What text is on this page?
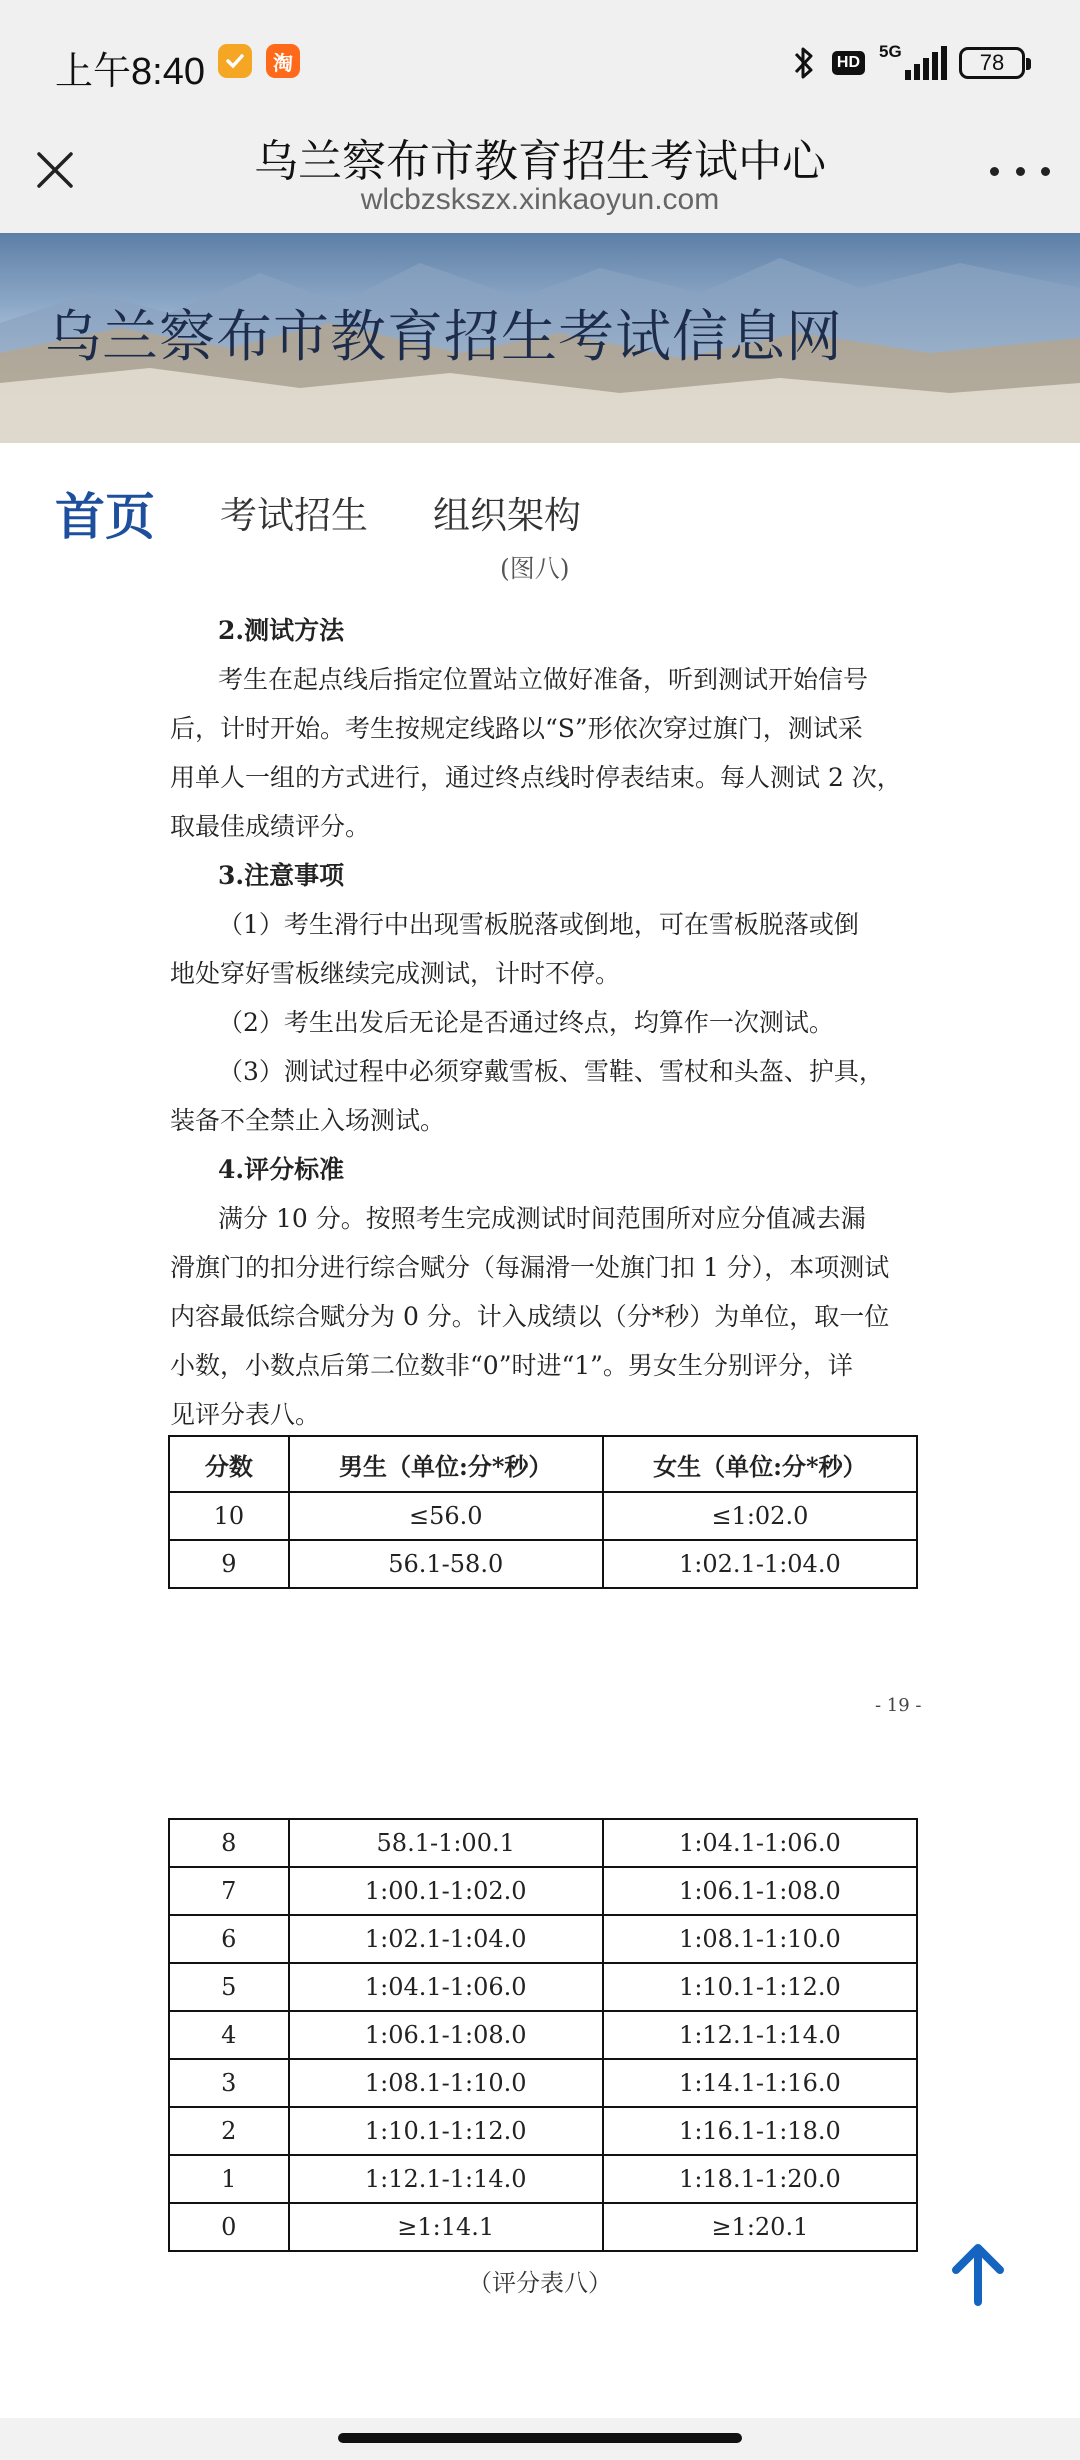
上午8:40	淘	HD
5G	78
乌兰察布市教育招生考试中心
wlcbzskszx.xinkaoyun.com
乌兰察布市教育招生考试信息网
首页 考试招生 组织架构
(图八)
2.测试方法
考生在起点线后指定位置站立做好准备，听到测试开始信号
后，计时开始。考生按规定线路以“S”形依次穿过旗门，测试采
用单人一组的方式进行，通过终点线时停表结束。每人测试 2 次，
取最佳成绩评分。
3.注意事项
（1）考生滑行中出现雪板脱落或倒地，可在雪板脱落或倒
地处穿好雪板继续完成测试，计时不停。
（2）考生出发后无论是否通过终点，均算作一次测试。
（3）测试过程中必须穿戴雪板、雪鞋、雪杖和头盔、护具，
装备不全禁止入场测试。
4.评分标准
满分 10 分。按照考生完成测试时间范围所对应分值减去漏
滑旗门的扣分进行综合赋分（每漏滑一处旗门扣 1 分），本项测试
内容最低综合赋分为 0 分。计入成绩以（分*秒）为单位，取一位
小数，小数点后第二位数非“0”时进“1”。男女生分别评分，详
见评分表八。
分数	男生（单位:分*秒）	女生（单位:分*秒）
10	≤56.0	≤1:02.0
9	56.1-58.0	1:02.1-1:04.0
- 19 -
8	58.1-1:00.1	1:04.1-1:06.0
7	1:00.1-1:02.0	1:06.1-1:08.0
6	1:02.1-1:04.0	1:08.1-1:10.0
5	1:04.1-1:06.0	1:10.1-1:12.0
4	1:06.1-1:08.0	1:12.1-1:14.0
3	1:08.1-1:10.0	1:14.1-1:16.0
2	1:10.1-1:12.0	1:16.1-1:18.0
1	1:12.1-1:14.0	1:18.1-1:20.0
0	≥1:14.1	≥1:20.1
（评分表八）
